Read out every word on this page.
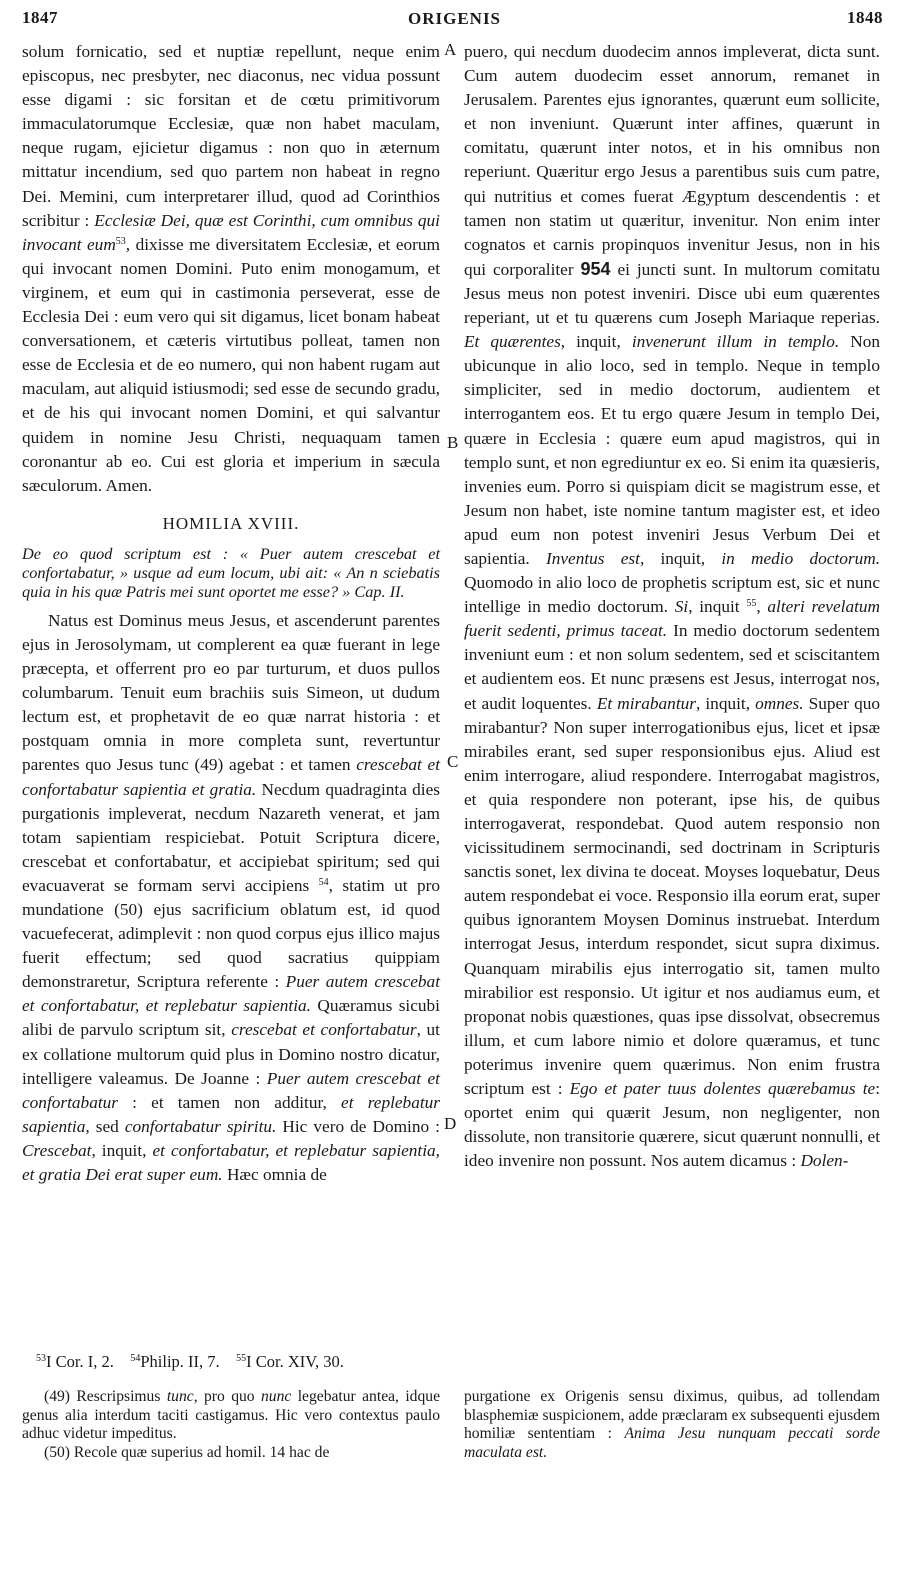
1847	ORIGENIS	1848
A
B
C
D

solum fornicatio, sed et nuptiæ repellunt, neque enim episcopus, nec presbyter, nec diaconus, nec vidua possunt esse digami : sic forsitan et de cœtu primitivorum immaculatorumque Ecclesiæ, quæ non habet maculam, neque rugam, ejicietur digamus : non quo in æternum mittatur incendium, sed quo partem non habeat in regno Dei. Memini, cum interpretarer illud, quod ad Corinthios scribitur : Ecclesiæ Dei, quæ est Corinthi, cum omnibus qui invocant eum$^{53}$, dixisse me diversitatem Ecclesiæ, et eorum qui invocant nomen Domini. Puto enim monogamum, et virginem, et eum qui in castimonia perseverat, esse de Ecclesia Dei : eum vero qui sit digamus, licet bonam habeat conversationem, et cæteris virtutibus polleat, tamen non esse de Ecclesia et de eo numero, qui non habent rugam aut maculam, aut aliquid istiusmodi; sed esse de secundo gradu, et de his qui invocant nomen Domini, et qui salvantur quidem in nomine Jesu Christi, nequaquam tamen coronantur ab eo. Cui est gloria et imperium in sæcula sæculorum. Amen.

HOMILIA XVIII.
De eo quod scriptum est : « Puer autem crescebat et confortabatur, » usque ad eum locum, ubi ait: « An n sciebatis quia in his quæ Patris mei sunt oportet me esse? » Cap. II.

Natus est Dominus meus Jesus, et ascenderunt parentes ejus in Jerosolymam, ut complerent ea quæ fuerant in lege præcepta, et offerrent pro eo par turturum, et duos pullos columbarum. Tenuit eum brachiis suis Simeon, ut dudum lectum est, et prophetavit de eo quæ narrat historia : et postquam omnia in more completa sunt, revertuntur parentes quo Jesus tunc (49) agebat : et tamen crescebat et confortabatur sapientia et gratia. Necdum quadraginta dies purgationis impleverat, necdum Nazareth venerat, et jam totam sapientiam respiciebat. Potuit Scriptura dicere, crescebat et confortabatur, et accipiebat spiritum; sed qui evacuaverat se formam servi accipiens $^{54}$, statim ut pro mundatione (50) ejus sacrificium oblatum est, id quod vacuefecerat, adimplevit : non quod corpus ejus illico majus fuerit effectum; sed quod sacratius quippiam demonstraretur, Scriptura referente : Puer autem crescebat et confortabatur, et replebatur sapientia. Quæramus sicubi alibi de parvulo scriptum sit, crescebat et confortabatur, ut ex collatione multorum quid plus in Domino nostro dicatur, intelligere valeamus. De Joanne : Puer autem crescebat et confortabatur : et tamen non additur, et replebatur sapientia, sed confortabatur spiritu. Hic vero de Domino : Crescebat, inquit, et confortabatur, et replebatur sapientia, et gratia Dei erat super eum. Hæc omnia de

puero, qui necdum duodecim annos impleverat, dicta sunt. Cum autem duodecim esset annorum, remanet in Jerusalem. Parentes ejus ignorantes, quærunt eum sollicite, et non inveniunt. Quærunt inter affines, quærunt in comitatu, quærunt inter notos, et in his omnibus non reperiunt. Quæritur ergo Jesus a parentibus suis cum patre, qui nutritius et comes fuerat Ægyptum descendentis : et tamen non statim ut quæritur, invenitur. Non enim inter cognatos et carnis propinquos invenitur Jesus, non in his qui corporaliter 954 ei juncti sunt. In multorum comitatu Jesus meus non potest inveniri. Disce ubi eum quærentes reperiant, ut et tu quærens cum Joseph Mariaque reperias. Et quærentes, inquit, invenerunt illum in templo. Non ubicunque in alio loco, sed in templo. Neque in templo simpliciter, sed in medio doctorum, audientem et interrogantem eos. Et tu ergo quære Jesum in templo Dei, quære in Ecclesia : quære eum apud magistros, qui in templo sunt, et non egrediuntur ex eo. Si enim ita quæsieris, invenies eum. Porro si quispiam dicit se magistrum esse, et Jesum non habet, iste nomine tantum magister est, et ideo apud eum non potest inveniri Jesus Verbum Dei et sapientia. Inventus est, inquit, in medio doctorum. Quomodo in alio loco de prophetis scriptum est, sic et nunc intellige in medio doctorum. Si, inquit $^{55}$, alteri revelatum fuerit sedenti, primus taceat. In medio doctorum sedentem inveniunt eum : et non solum sedentem, sed et sciscitantem et audientem eos. Et nunc præsens est Jesus, interrogat nos, et audit loquentes. Et mirabantur, inquit, omnes. Super quo mirabantur? Non super interrogationibus ejus, licet et ipsæ mirabiles erant, sed super responsionibus ejus. Aliud est enim interrogare, aliud respondere. Interrogabat magistros, et quia respondere non poterant, ipse his, de quibus interrogaverat, respondebat. Quod autem responsio non vicissitudinem sermocinandi, sed doctrinam in Scripturis sanctis sonet, lex divina te doceat. Moyses loquebatur, Deus autem respondebat ei voce. Responsio illa eorum erat, super quibus ignorantem Moysen Dominus instruebat. Interdum interrogat Jesus, interdum respondet, sicut supra diximus. Quanquam mirabilis ejus interrogatio sit, tamen multo mirabilior est responsio. Ut igitur et nos audiamus eum, et proponat nobis quæstiones, quas ipse dissolvat, obsecremus illum, et cum labore nimio et dolore quæramus, et tunc poterimus invenire quem quærimus. Non enim frustra scriptum est : Ego et pater tuus dolentes quærebamus te: oportet enim qui quærit Jesum, non negligenter, non dissolute, non transitorie quærere, sicut quærunt nonnulli, et ideo invenire non possunt. Nos autem dicamus : Dolen-

$^{53}$I Cor. I, 2. $^{54}$Philip. II, 7. $^{55}$I Cor. XIV, 30.

(49) Rescripsimus tunc, pro quo nunc legebatur antea, idque genus alia interdum taciti castigamus. Hic vero contextus paulo adhuc videtur impeditus.

(50) Recole quæ superius ad homil. 14 hac de

purgatione ex Origenis sensu diximus, quibus, ad tollendam blasphemiæ suspicionem, adde præclaram ex subsequenti ejusdem homiliæ sententiam : Anima Jesu nunquam peccati sorde maculata est.
